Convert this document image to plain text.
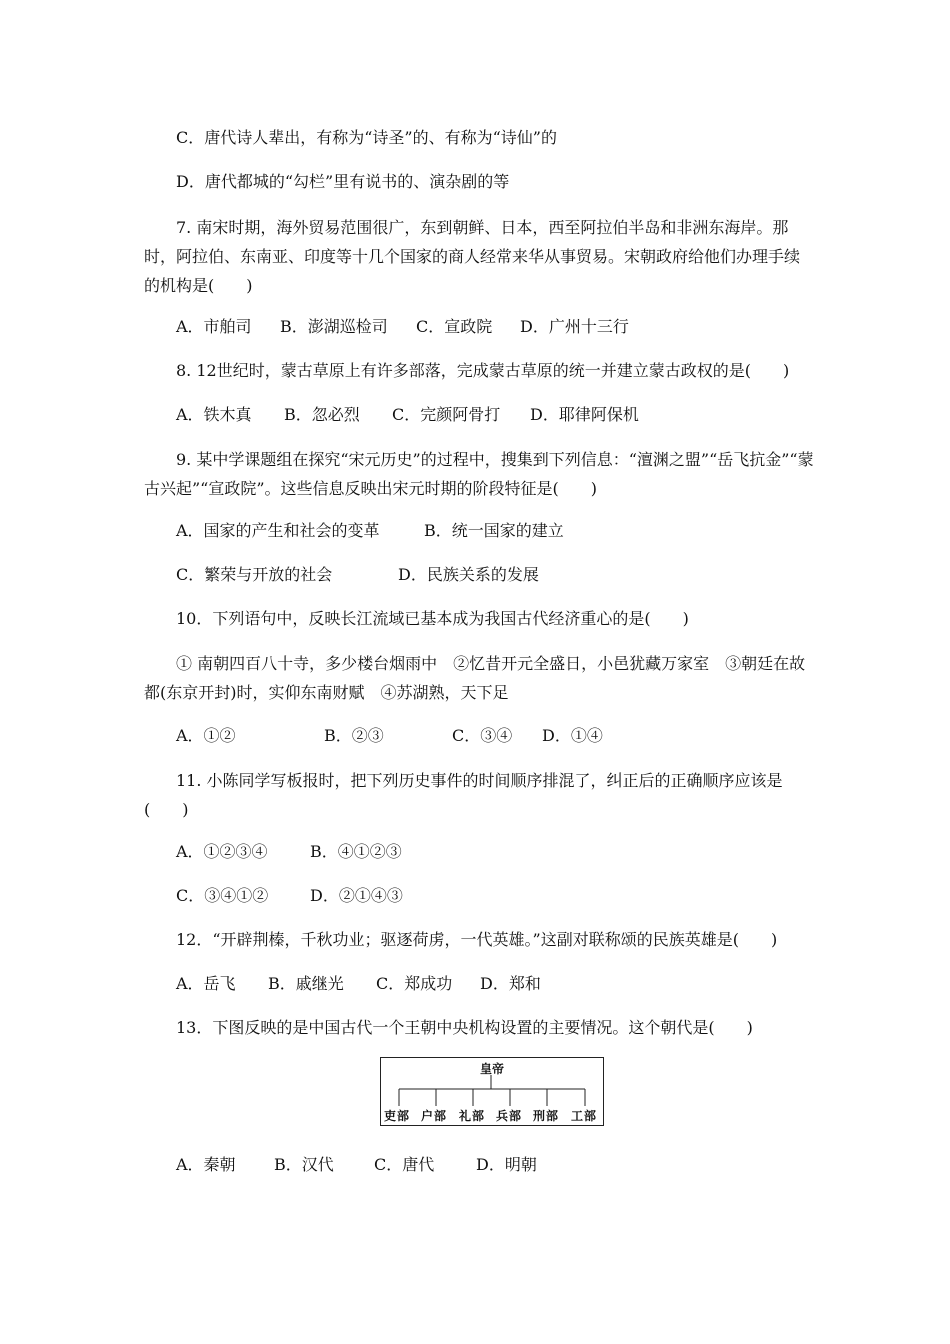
C．唐代诗人辈出，有称为“诗圣”的、有称为“诗仙”的
D．唐代都城的“勾栏”里有说书的、演杂剧的等
7. 南宋时期，海外贸易范围很广，东到朝鲜、日本，西至阿拉伯半岛和非洲东海岸。那时，阿拉伯、东南亚、印度等十几个国家的商人经常来华从事贸易。宋朝政府给他们办理手续的机构是(　　)
A．市舶司 B．澎湖巡检司 C．宣政院 D．广州十三行
8. 12世纪时，蒙古草原上有许多部落，完成蒙古草原的统一并建立蒙古政权的是(　　)
A．铁木真 B．忽必烈 C．完颜阿骨打 D．耶律阿保机
9. 某中学课题组在探究“宋元历史”的过程中，搜集到下列信息：“澶渊之盟”“岳飞抗金”“蒙古兴起”“宣政院”。这些信息反映出宋元时期的阶段特征是(　　)
A．国家的产生和社会的变革	B．统一国家的建立
C．繁荣与开放的社会	D．民族关系的发展
10．下列语句中，反映长江流域已基本成为我国古代经济重心的是(　　)
① 南朝四百八十寺，多少楼台烟雨中　②忆昔开元全盛日，小邑犹藏万家室　③朝廷在故都(东京开封)时，实仰东南财赋　④苏湖熟，天下足
A．①②	B．②③	C．③④ D．①④
11. 小陈同学写板报时，把下列历史事件的时间顺序排混了，纠正后的正确顺序应该是(　　)
A．①②③④	B．④①②③
C．③④①②	D．②①④③
12．“开辟荆榛，千秋功业；驱逐荷虏，一代英雄。”这副对联称颂的民族英雄是(　　)
A．岳飞 B．戚继光 C．郑成功 D．郑和
13．下图反映的是中国古代一个王朝中央机构设置的主要情况。这个朝代是(　　)
皇帝
吏部 户部 礼部 兵部 刑部 工部
A．秦朝 B．汉代	C．唐代	D．明朝
